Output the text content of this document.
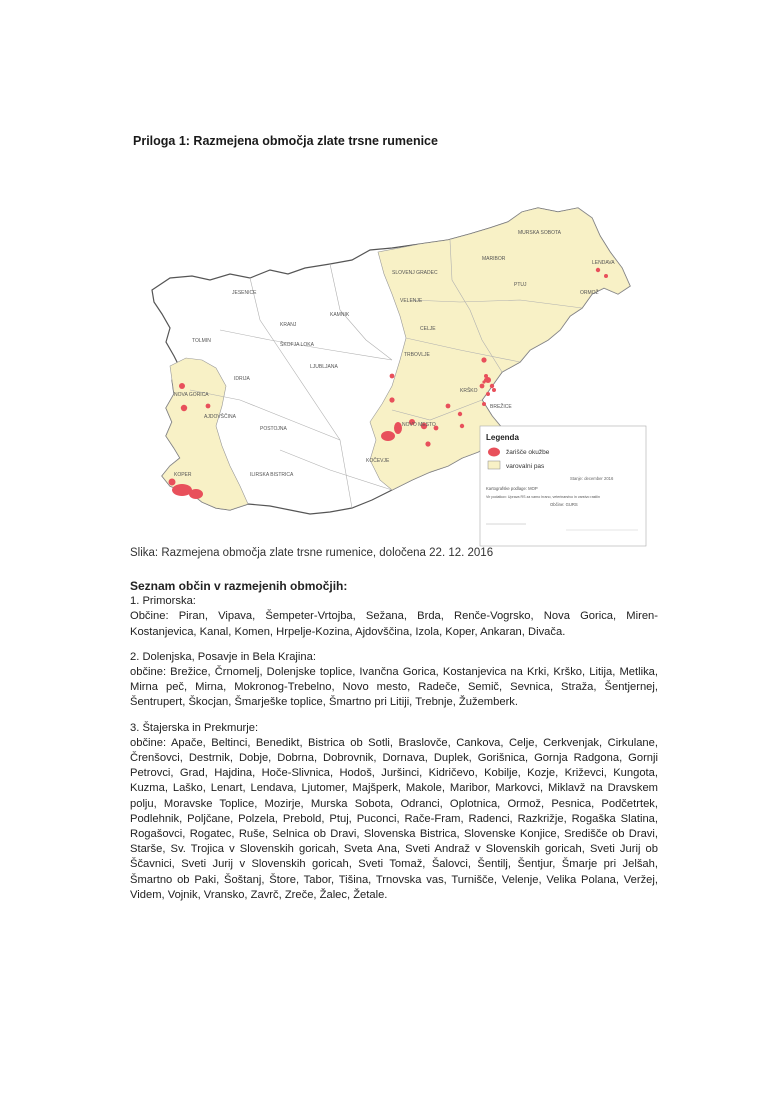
Priloga 1: Razmejena območja zlate trsne rumenice
MURSKA SOBOTA
LENDAVA
MARIBOR
PTUJ
ORMOŽ
SLOVENJ GRADEC
VELENJE
CELJE
KRANJ
KAMNIK
JESENICE
TOLMIN
LJUBLJANA
NOVA GORICA
AJDOVŠČINA
KRŠKO
NOVO MESTO
POSTOJNA
KOPER
ŠKOFJA LOKA
IDRIJA
BREŽICE
KOČEVJE
ILIRSKA BISTRICA
TRBOVLJE
Legenda
žarišče okužbe
varovalni pas
Stanje: december 2016
Kartografske podlage: MOP
Vir podatkov: Uprava RS za varno hrano, veterinarstvo in varstvo rastlin
Občine: GURS
Slika: Razmejena območja zlate trsne rumenice, določena 22. 12. 2016
Seznam občin v razmejenih območjih:
1. Primorska:
Občine: Piran, Vipava, Šempeter-Vrtojba, Sežana, Brda, Renče-Vogrsko, Nova Gorica, Miren-Kostanjevica, Kanal, Komen, Hrpelje-Kozina, Ajdovščina, Izola, Koper, Ankaran, Divača.
2. Dolenjska, Posavje in Bela Krajina:
občine: Brežice, Črnomelj, Dolenjske toplice, Ivančna Gorica, Kostanjevica na Krki, Krško, Litija, Metlika, Mirna peč, Mirna, Mokronog-Trebelno, Novo mesto, Radeče, Semič, Sevnica, Straža, Šentjernej, Šentrupert, Škocjan, Šmarješke toplice, Šmartno pri Litiji, Trebnje, Žužemberk.
3. Štajerska in Prekmurje:
občine: Apače, Beltinci, Benedikt, Bistrica ob Sotli, Braslovče, Cankova, Celje, Cerkvenjak, Cirkulane, Črenšovci, Destrnik, Dobje, Dobrna, Dobrovnik, Dornava, Duplek, Gorišnica, Gornja Radgona, Gornji Petrovci, Grad, Hajdina, Hoče-Slivnica, Hodoš, Juršinci, Kidričevo, Kobilje, Kozje, Križevci, Kungota, Kuzma, Laško, Lenart, Lendava, Ljutomer, Majšperk, Makole, Maribor, Markovci, Miklavž na Dravskem polju, Moravske Toplice, Mozirje, Murska Sobota, Odranci, Oplotnica, Ormož, Pesnica, Podčetrtek, Podlehnik, Poljčane, Polzela, Prebold, Ptuj, Puconci, Rače-Fram, Radenci, Razkrižje, Rogaška Slatina, Rogašovci, Rogatec, Ruše, Selnica ob Dravi, Slovenska Bistrica, Slovenske Konjice, Središče ob Dravi, Starše, Sv. Trojica v Slovenskih goricah, Sveta Ana, Sveti Andraž v Slovenskih goricah, Sveti Jurij ob Ščavnici, Sveti Jurij v Slovenskih goricah, Sveti Tomaž, Šalovci, Šentilj, Šentjur, Šmarje pri Jelšah, Šmartno ob Paki, Šoštanj, Štore, Tabor, Tišina, Trnovska vas, Turnišče, Velenje, Velika Polana, Veržej, Videm, Vojnik, Vransko, Zavrč, Zreče, Žalec, Žetale.
